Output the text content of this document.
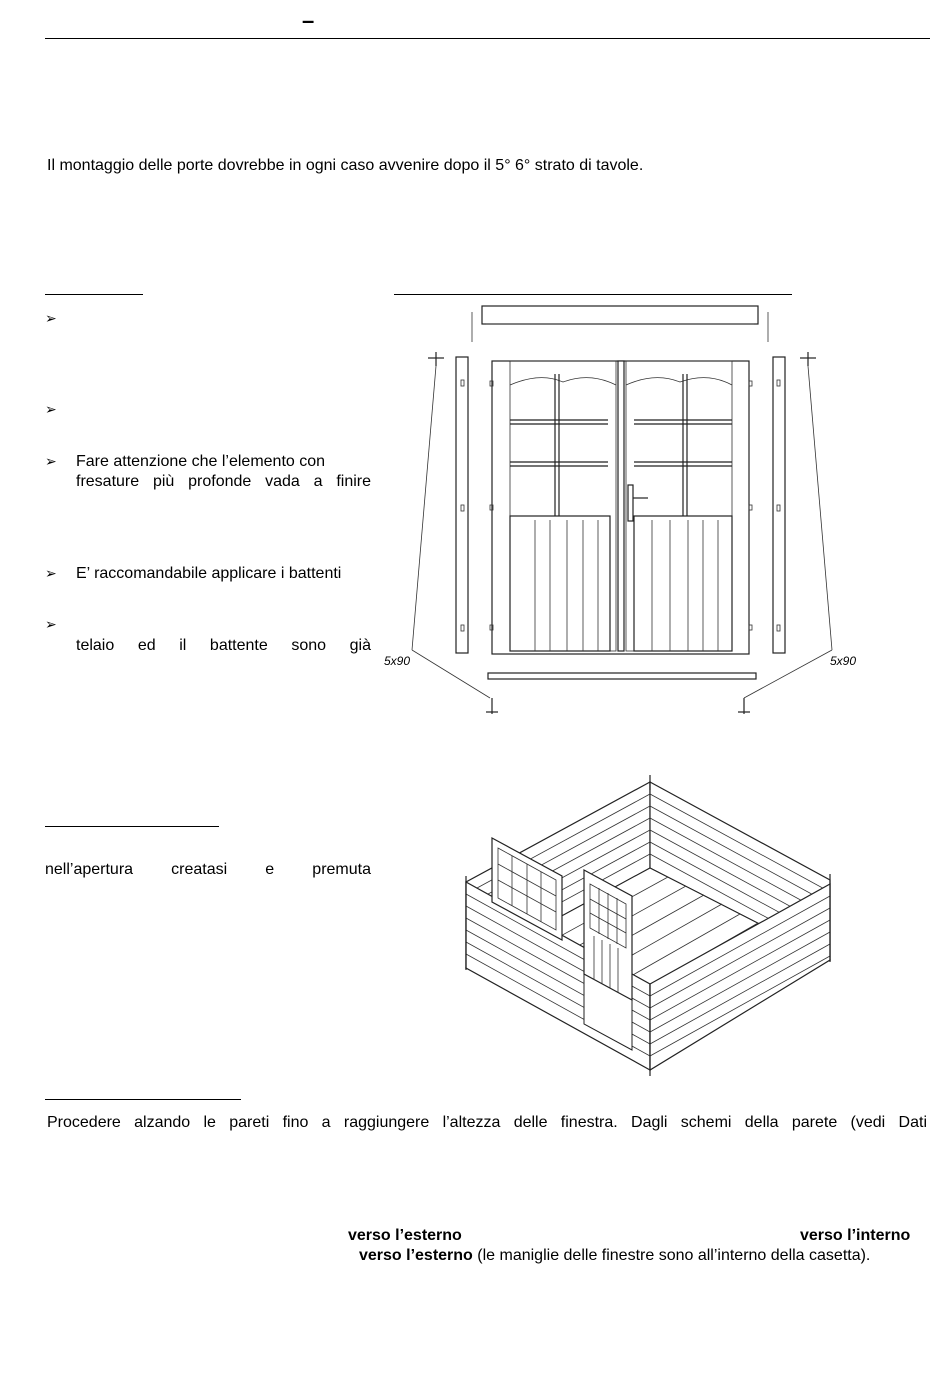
–
Il montaggio delle porte dovrebbe in ogni caso avvenire dopo il 5° 6° strato di tavole.
➢
➢
➢ Fare attenzione che l’elemento con
fresature più profonde vada a finire
➢ E’ raccomandabile applicare i battenti
➢
telaio ed il battente sono già
5x90	5x90
nell’apertura creatasi e premuta
Procedere alzando le pareti fino a raggiungere l’altezza delle finestra. Dagli schemi della parete (vedi Dati
verso l’esterno	verso l’interno
verso l’esterno (le maniglie delle finestre sono all’interno della casetta).
